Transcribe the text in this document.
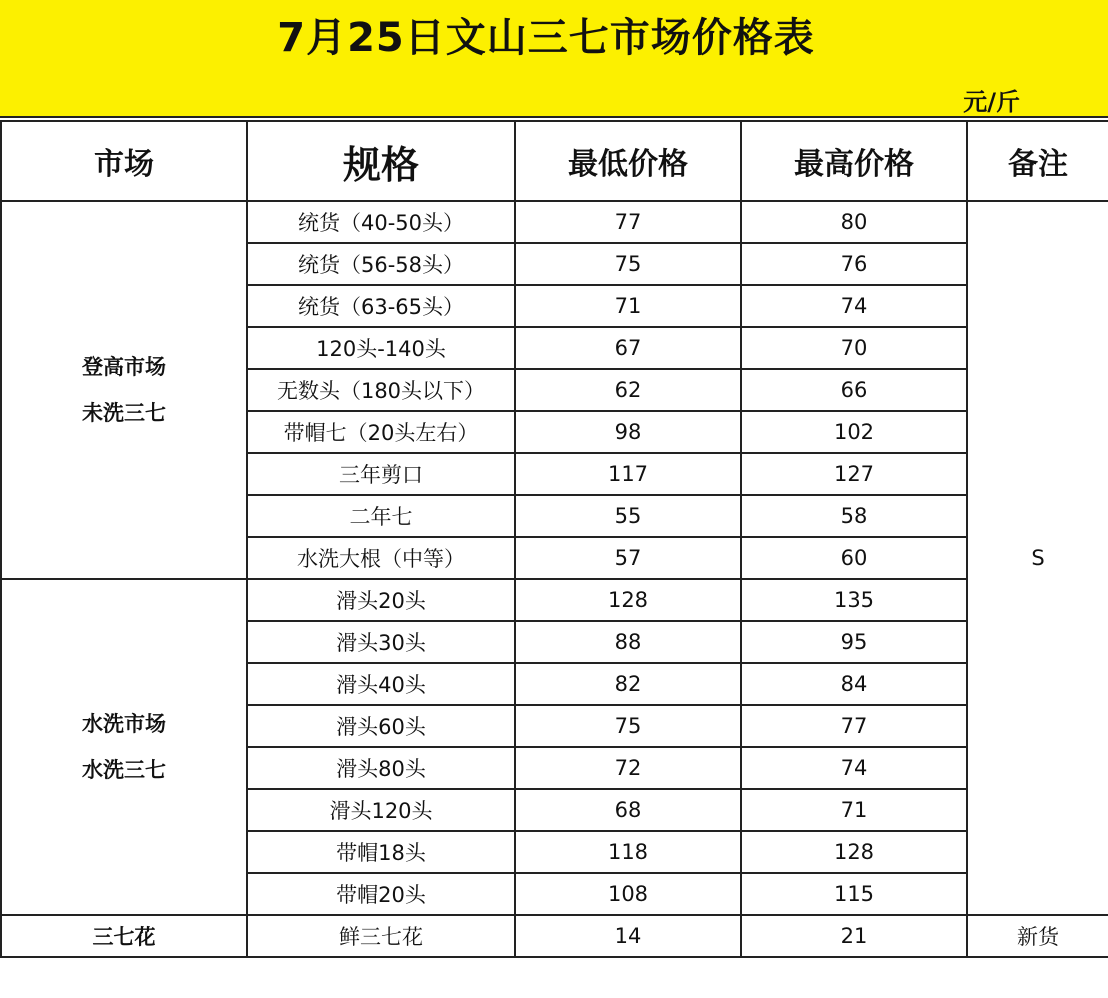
7月25日文山三七市场价格表
元/斤
市场	规格	最低价格	最高价格	备注

登高市场
未洗三七	统货（40-50头）	77	80	S
	统货（56-58头）	75	76	
	统货（63-65头）	71	74	
	120头-140头	67	70	
	无数头（180头以下）	62	66	
	带帽七（20头左右）	98	102	
	三年剪口	117	127	
	二年七	55	58	
	水洗大根（中等）	57	60	

水洗市场
水洗三七	滑头20头	128	135	
	滑头30头	88	95	
	滑头40头	82	84	
	滑头60头	75	77	
	滑头80头	72	74	
	滑头120头	68	71	
	带帽18头	118	128	
	带帽20头	108	115	
三七花	鲜三七花	14	21	新货
